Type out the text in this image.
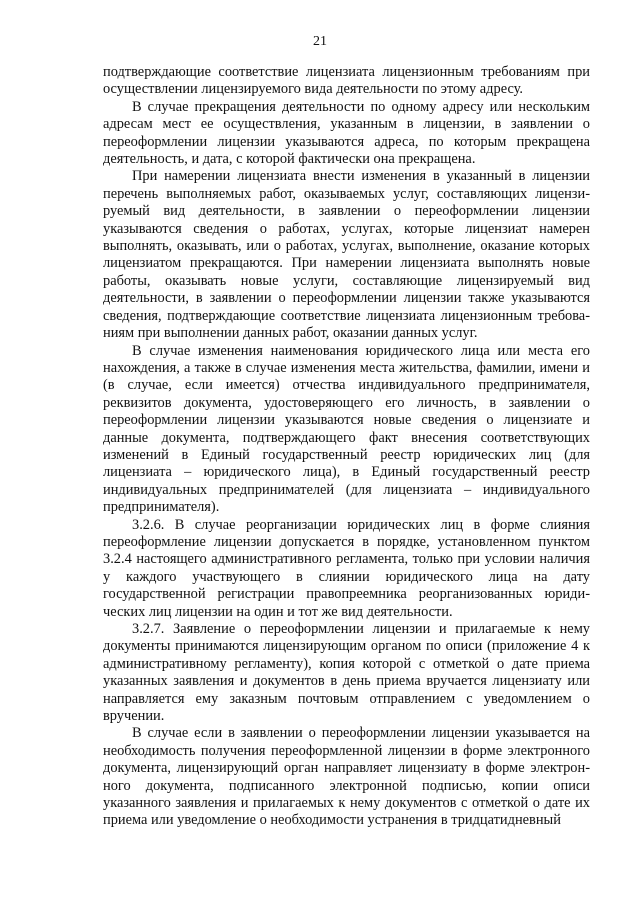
21

подтверждающие соответствие лицензиата лицензионным требованиям при осуществлении лицензируемого вида деятельности по этому адресу.

В случае прекращения деятельности по одному адресу или нескольким адресам мест ее осуществления, указанным в лицензии, в заявлении о переоформлении лицензии указываются адреса, по которым прекращена деятельность, и дата, с которой фактически она прекращена.

При намерении лицензиата внести изменения в указанный в лицензии перечень выполняемых работ, оказываемых услуг, составляющих лицензируемый вид деятельности, в заявлении о переоформлении лицензии указываются сведения о работах, услугах, которые лицензиат намерен выполнять, оказывать, или о работах, услугах, выполнение, оказание которых лицензиатом прекращаются. При намерении лицензиата выполнять новые работы, оказывать новые услуги, составляющие лицензируемый вид деятельности, в заявлении о переоформлении лицензии также указываются сведения, подтверждающие соответствие лицензиата лицензионным требованиям при выполнении данных работ, оказании данных услуг.

В случае изменения наименования юридического лица или места его нахождения, а также в случае изменения места жительства, фамилии, имени и (в случае, если имеется) отчества индивидуального предпринимателя, реквизитов документа, удостоверяющего его личность, в заявлении о переоформлении лицензии указываются новые сведения о лицензиате и данные документа, подтверждающего факт внесения соответствующих изменений в Единый государственный реестр юридических лиц (для лицензиата – юридического лица), в Единый государственный реестр индивидуальных предпринимателей (для лицензиата – индивидуального предпринимателя).

3.2.6. В случае реорганизации юридических лиц в форме слияния переоформление лицензии допускается в порядке, установленном пунктом 3.2.4 настоящего административного регламента, только при условии наличия у каждого участвующего в слиянии юридического лица на дату государственной регистрации правопреемника реорганизованных юридических лиц лицензии на один и тот же вид деятельности.

3.2.7. Заявление о переоформлении лицензии и прилагаемые к нему документы принимаются лицензирующим органом по описи (приложение 4 к административному регламенту), копия которой с отметкой о дате приема указанных заявления и документов в день приема вручается лицензиату или направляется ему заказным почтовым отправлением с уведомлением о вручении.

В случае если в заявлении о переоформлении лицензии указывается на необходимость получения переоформленной лицензии в форме электронного документа, лицензирующий орган направляет лицензиату в форме электронного документа, подписанного электронной подписью, копии описи указанного заявления и прилагаемых к нему документов с отметкой о дате их приема или уведомление о необходимости устранения в тридцатидневный
